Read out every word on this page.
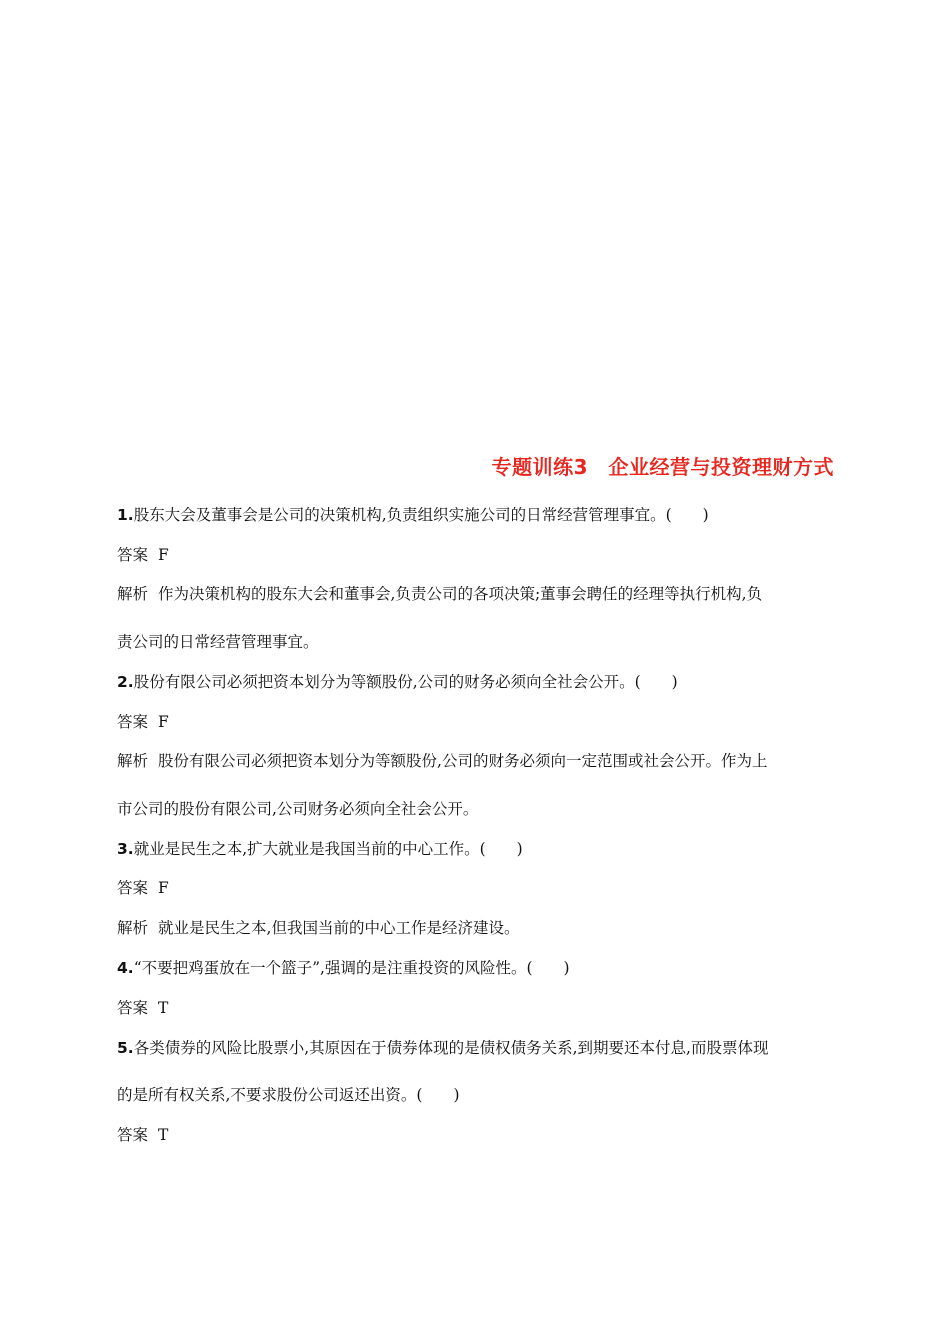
专题训练3　企业经营与投资理财方式
1.股东大会及董事会是公司的决策机构,负责组织实施公司的日常经营管理事宜。(　　)
答案 F
解析 作为决策机构的股东大会和董事会,负责公司的各项决策;董事会聘任的经理等执行机构,负
责公司的日常经营管理事宜。
2.股份有限公司必须把资本划分为等额股份,公司的财务必须向全社会公开。(　　)
答案 F
解析 股份有限公司必须把资本划分为等额股份,公司的财务必须向一定范围或社会公开。作为上
市公司的股份有限公司,公司财务必须向全社会公开。
3.就业是民生之本,扩大就业是我国当前的中心工作。(　　)
答案 F
解析 就业是民生之本,但我国当前的中心工作是经济建设。
4.“不要把鸡蛋放在一个篮子”,强调的是注重投资的风险性。(　　)
答案 T
5.各类债券的风险比股票小,其原因在于债券体现的是债权债务关系,到期要还本付息,而股票体现
的是所有权关系,不要求股份公司返还出资。(　　)
答案 T
